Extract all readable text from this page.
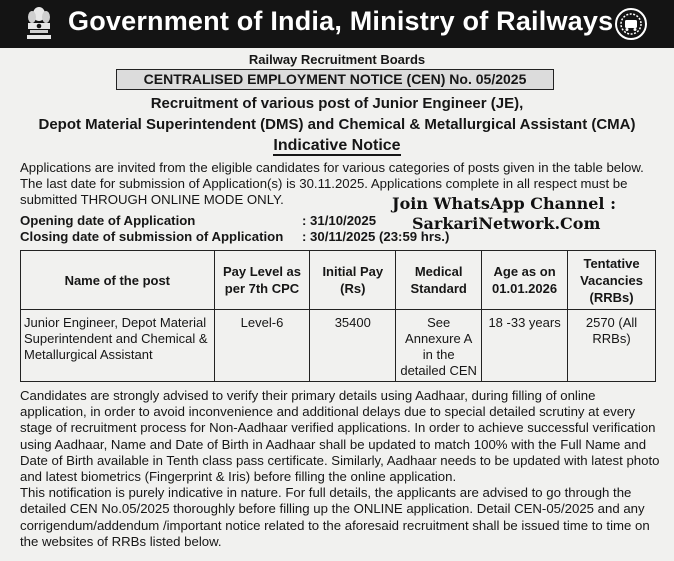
Government of India, Ministry of Railways
Railway Recruitment Boards
CENTRALISED EMPLOYMENT NOTICE (CEN) No. 05/2025
Recruitment of various post of Junior Engineer (JE),
Depot Material Superintendent (DMS) and Chemical & Metallurgical Assistant (CMA)
Indicative Notice

Applications are invited from the eligible candidates for various categories of posts given in the table below. The last date for submission of Application(s) is 30.11.2025. Applications complete in all respect must be submitted THROUGH ONLINE MODE ONLY.

Opening date of Application	: 31/10/2025
Closing date of submission of Application : 30/11/2025 (23:59 hrs.)
Join WhatsApp Channel :
SarkariNetwork.Com
Name of the post	Pay Level as per 7th CPC	Initial Pay (Rs)	Medical Standard	Age as on 01.01.2026	Tentative Vacancies (RRBs)
Junior Engineer, Depot Material Superintendent and Chemical & Metallurgical Assistant	Level-6	35400	See Annexure A in the detailed CEN	18 -33 years	2570 (All RRBs)

Candidates are strongly advised to verify their primary details using Aadhaar, during filling of online application, in order to avoid inconvenience and additional delays due to special detailed scrutiny at every stage of recruitment process for Non-Aadhaar verified applications. In order to achieve successful verification using Aadhaar, Name and Date of Birth in Aadhaar shall be updated to match 100% with the Full Name and Date of Birth available in Tenth class pass certificate. Similarly, Aadhaar needs to be updated with latest photo and latest biometrics (Fingerprint & Iris) before filling the online application.

This notification is purely indicative in nature. For full details, the applicants are advised to go through the detailed CEN No.05/2025 thoroughly before filling up the ONLINE application. Detail CEN-05/2025 and any corrigendum/addendum /important notice related to the aforesaid recruitment shall be issued time to time on the websites of RRBs listed below.
